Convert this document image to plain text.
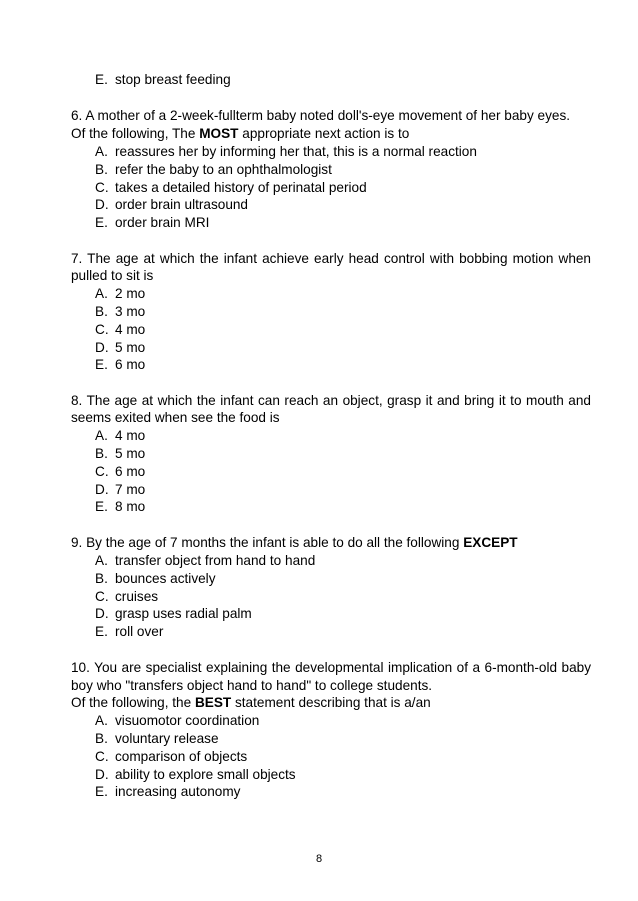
E. stop breast feeding
6. A mother of a 2-week-fullterm baby noted doll's-eye movement of her baby eyes.
Of the following, The MOST appropriate next action is to
A. reassures her by informing her that, this is a normal reaction
B. refer the baby to an ophthalmologist
C. takes a detailed history of perinatal period
D. order brain ultrasound
E. order brain MRI
7. The age at which the infant achieve early head control with bobbing motion when
pulled to sit is
A. 2 mo
B. 3 mo
C. 4 mo
D. 5 mo
E. 6 mo
8. The age at which the infant can reach an object, grasp it and bring it to mouth and
seems exited when see the food is
A. 4 mo
B. 5 mo
C. 6 mo
D. 7 mo
E. 8 mo
9. By the age of 7 months the infant is able to do all the following EXCEPT
A. transfer object from hand to hand
B. bounces actively
C. cruises
D. grasp uses radial palm
E. roll over
10. You are specialist explaining the developmental implication of a 6-month-old baby
boy who "transfers object hand to hand" to college students.
Of the following, the BEST statement describing that is a/an
A. visuomotor coordination
B. voluntary release
C. comparison of objects
D. ability to explore small objects
E. increasing autonomy
8
